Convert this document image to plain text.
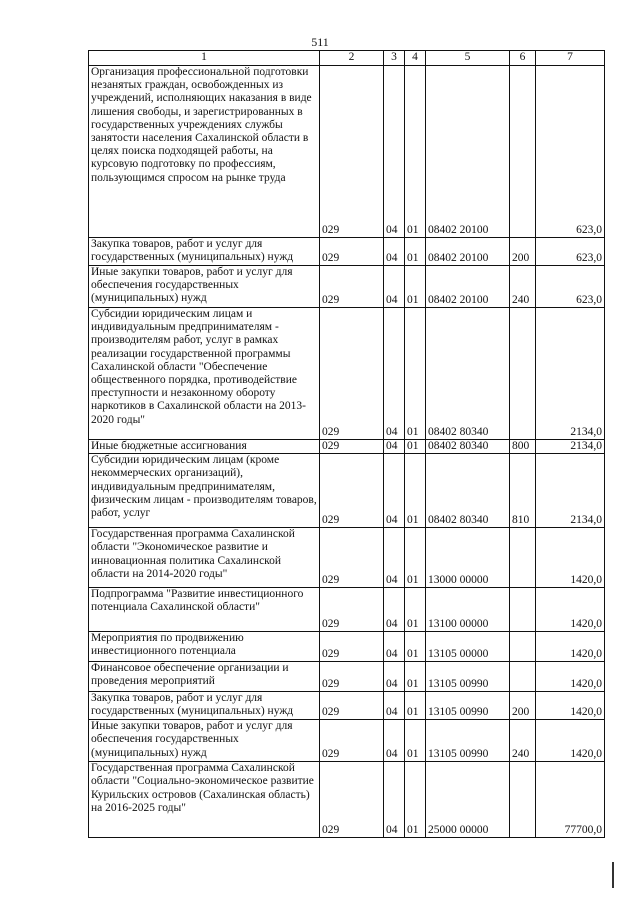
511
1	2	3	4	5	6	7
Организация профессиональной подготовки незанятых граждан, освобожденных из учреждений, исполняющих наказания в виде лишения свободы, и зарегистрированных в государственных учреждениях службы занятости населения Сахалинской области в целях поиска подходящей работы, на курсовую подготовку по профессиям, пользующимся спросом на рынке труда	029	04	01	08402 20100		623,0
Закупка товаров, работ и услуг для государственных (муниципальных) нужд	029	04	01	08402 20100	200	623,0
Иные закупки товаров, работ и услуг для обеспечения государственных (муниципальных) нужд	029	04	01	08402 20100	240	623,0
Субсидии юридическим лицам и индивидуальным предпринимателям - производителям работ, услуг в рамках реализации государственной программы Сахалинской области "Обеспечение общественного порядка, противодействие преступности и незаконному обороту наркотиков в Сахалинской области на 2013-2020 годы"	029	04	01	08402 80340		2134,0
Иные бюджетные ассигнования	029	04	01	08402 80340	800	2134,0
Субсидии юридическим лицам (кроме некоммерческих организаций), индивидуальным предпринимателям, физическим лицам - производителям товаров, работ, услуг	029	04	01	08402 80340	810	2134,0
Государственная программа Сахалинской области "Экономическое развитие и инновационная политика Сахалинской области на 2014-2020 годы"	029	04	01	13000 00000		1420,0
Подпрограмма "Развитие инвестиционного потенциала Сахалинской области"	029	04	01	13100 00000		1420,0
Мероприятия по продвижению инвестиционного потенциала	029	04	01	13105 00000		1420,0
Финансовое обеспечение организации и проведения мероприятий	029	04	01	13105 00990		1420,0
Закупка товаров, работ и услуг для государственных (муниципальных) нужд	029	04	01	13105 00990	200	1420,0
Иные закупки товаров, работ и услуг для обеспечения государственных (муниципальных) нужд	029	04	01	13105 00990	240	1420,0
Государственная программа Сахалинской области "Социально-экономическое развитие Курильских островов (Сахалинская область) на 2016-2025 годы"	029	04	01	25000 00000		77700,0
